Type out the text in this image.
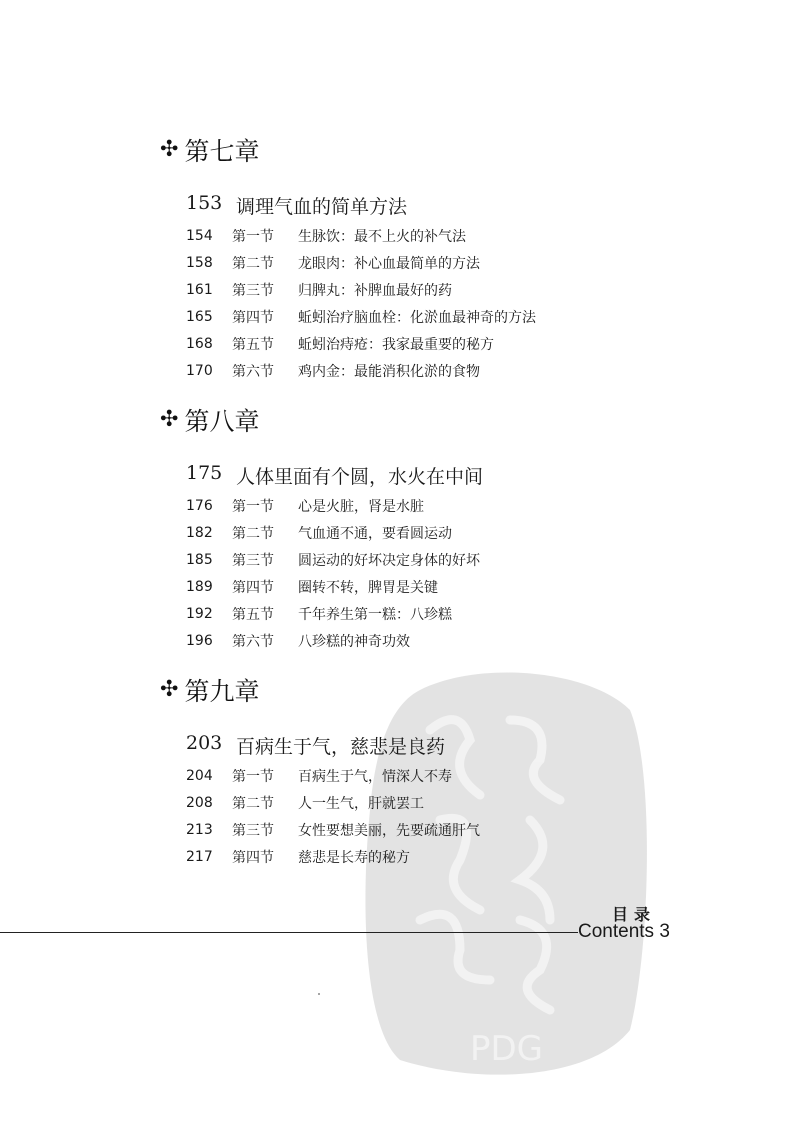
PDG
✣ 第七章
153 调理气血的简单方法
154	第一节	生脉饮：最不上火的补气法
158	第二节	龙眼肉：补心血最简单的方法
161	第三节	归脾丸：补脾血最好的药
165	第四节	蚯蚓治疗脑血栓：化淤血最神奇的方法
168	第五节	蚯蚓治痔疮：我家最重要的秘方
170	第六节	鸡内金：最能消积化淤的食物
✣ 第八章
175 人体里面有个圆，水火在中间
176	第一节	心是火脏，肾是水脏
182	第二节	气血通不通，要看圆运动
185	第三节	圆运动的好坏决定身体的好坏
189	第四节	圈转不转，脾胃是关键
192	第五节	千年养生第一糕：八珍糕
196	第六节	八珍糕的神奇功效
✣ 第九章
203 百病生于气，慈悲是良药
204	第一节	百病生于气，情深人不寿
208	第二节	人一生气，肝就罢工
213	第三节	女性要想美丽，先要疏通肝气
217	第四节	慈悲是长寿的秘方
目录
Contents 3
